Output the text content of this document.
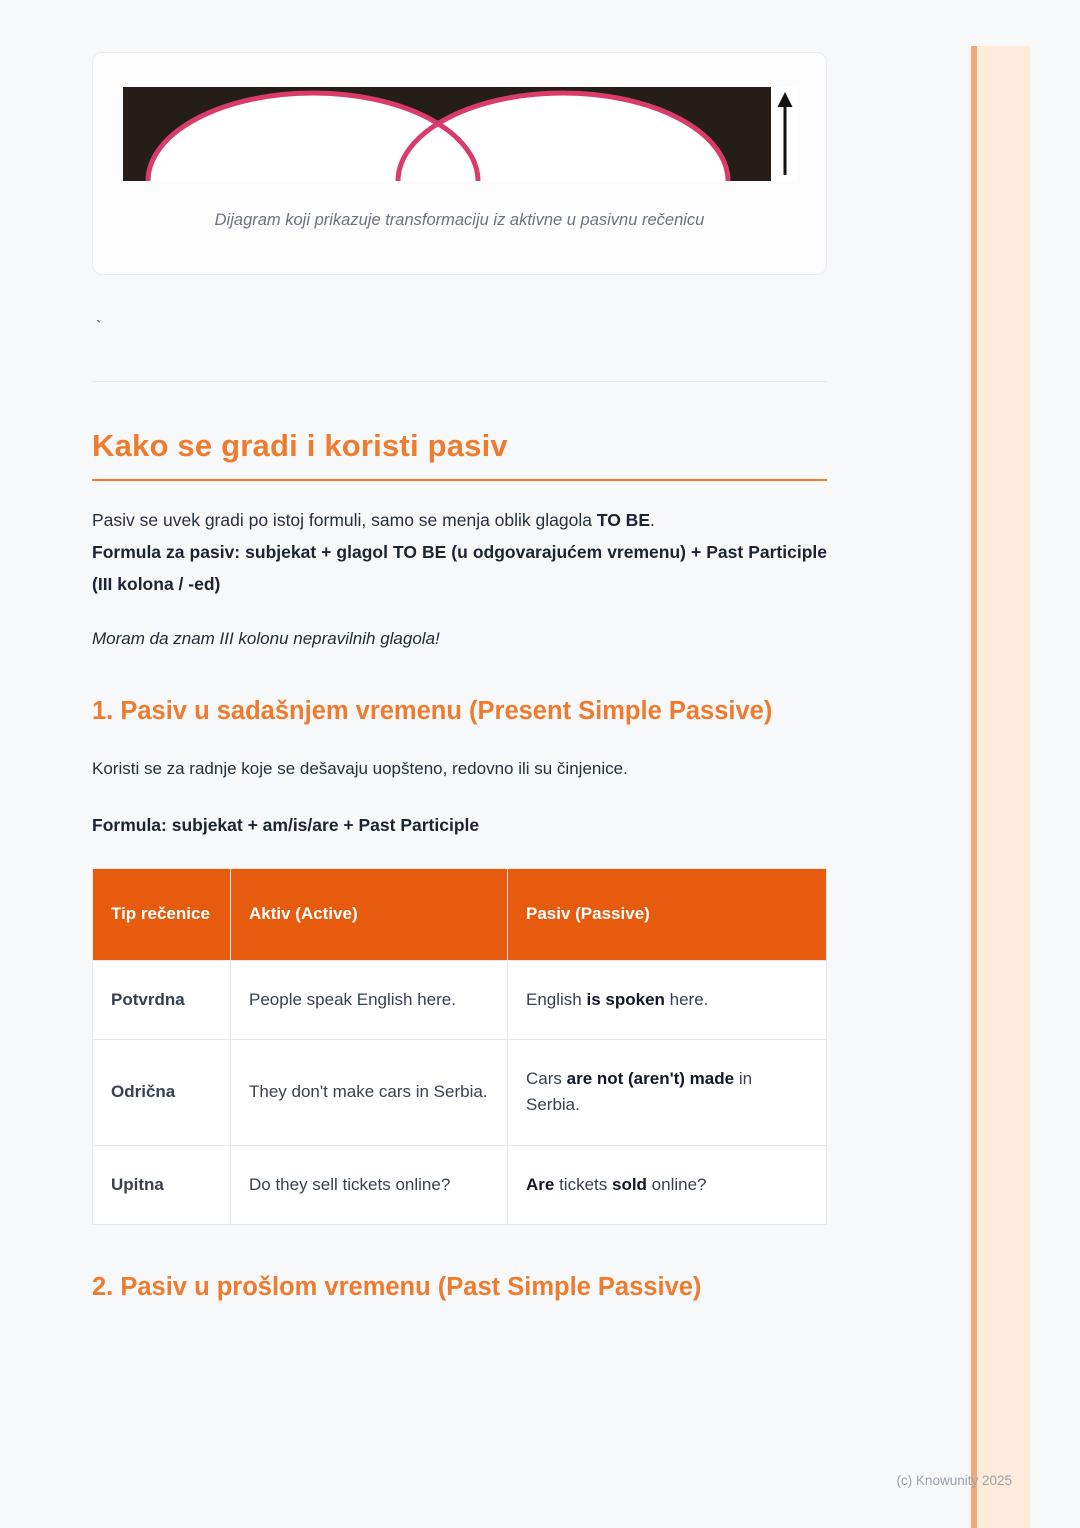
Dijagram koji prikazuje transformaciju iz aktivne u pasivnu rečenicu
`
Kako se gradi i koristi pasiv

Pasiv se uvek gradi po istoj formuli, samo se menja oblik glagola TO BE.
Formula za pasiv: subjekat + glagol TO BE (u odgovarajućem vremenu) + Past Participle (III kolona / -ed)

Moram da znam III kolonu nepravilnih glagola!

1. Pasiv u sadašnjem vremenu (Present Simple Passive)

Koristi se za radnje koje se dešavaju uopšteno, redovno ili su činjenice.

Formula: subjekat + am/is/are + Past Participle

Tip rečenice	Aktiv (Active)	Pasiv (Passive)
Potvrdna	People speak English here.	English is spoken here.
Odrična	They don't make cars in Serbia.	Cars are not (aren't) made in Serbia.
Upitna	Do they sell tickets online?	Are tickets sold online?
2. Pasiv u prošlom vremenu (Past Simple Passive)
(c) Knowunity 2025
